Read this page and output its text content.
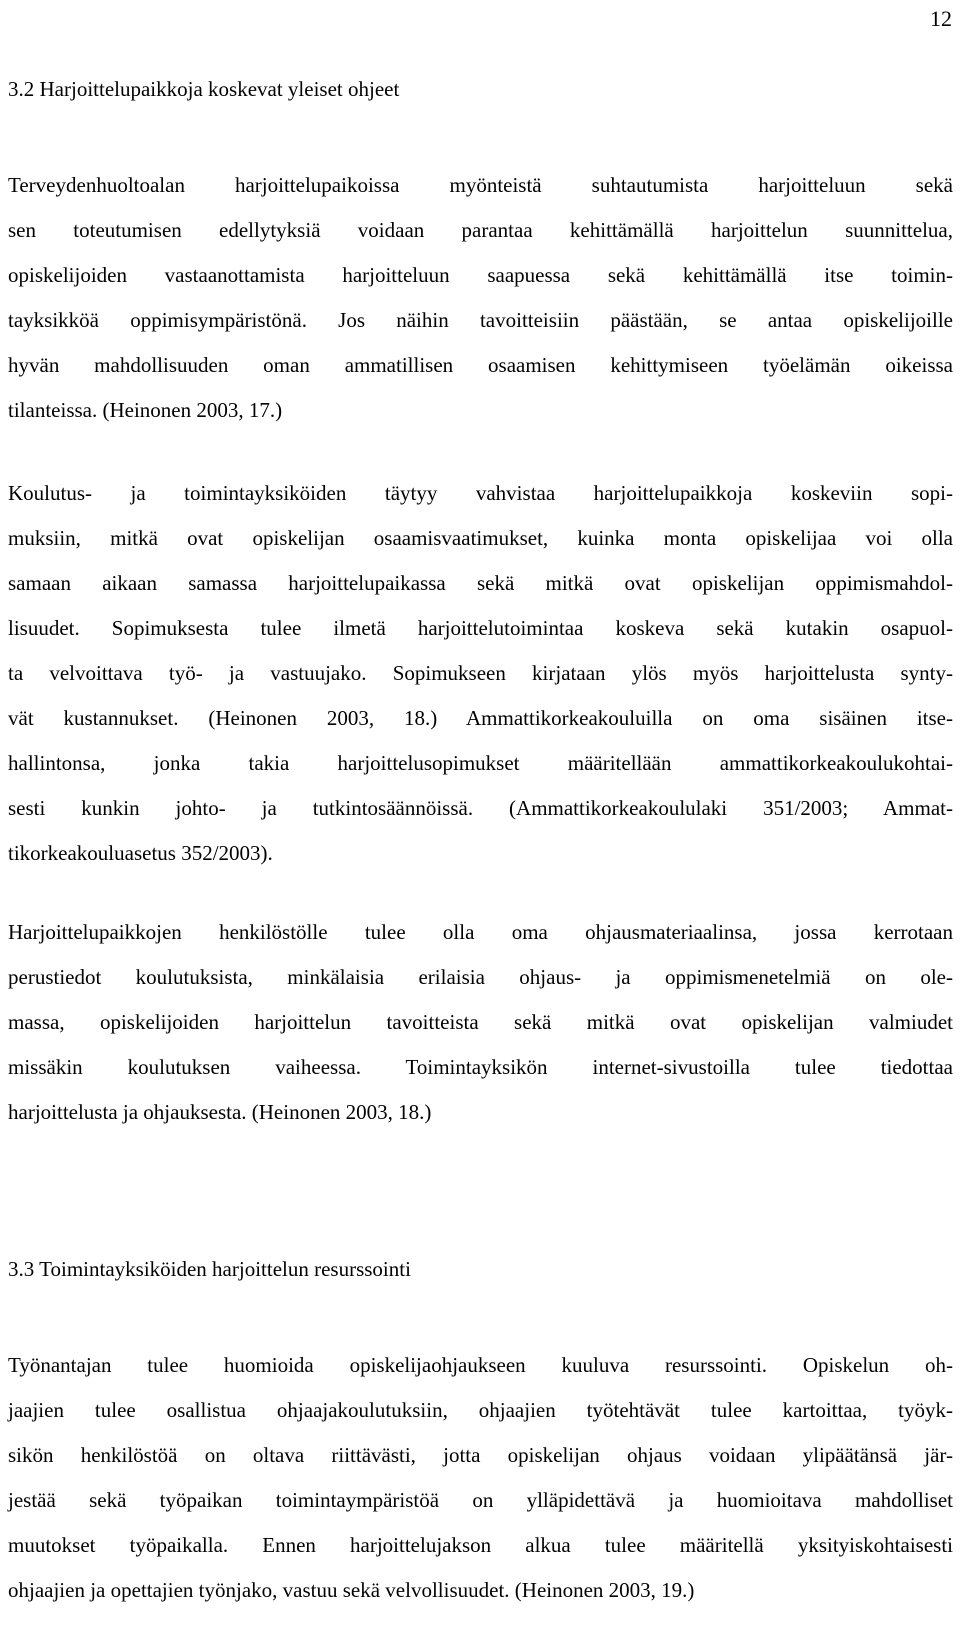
12
3.2 Harjoittelupaikkoja koskevat yleiset ohjeet
Terveydenhuoltoalan harjoittelupaikoissa myönteistä suhtautumista harjoitteluun sekä
sen toteutumisen edellytyksiä voidaan parantaa kehittämällä harjoittelun suunnittelua,
opiskelijoiden vastaanottamista harjoitteluun saapuessa sekä kehittämällä itse toimin-
tayksikköä oppimisympäristönä. Jos näihin tavoitteisiin päästään, se antaa opiskelijoille
hyvän mahdollisuuden oman ammatillisen osaamisen kehittymiseen työelämän oikeissa
tilanteissa. (Heinonen 2003, 17.)
Koulutus- ja toimintayksiköiden täytyy vahvistaa harjoittelupaikkoja koskeviin sopi-
muksiin, mitkä ovat opiskelijan osaamisvaatimukset, kuinka monta opiskelijaa voi olla
samaan aikaan samassa harjoittelupaikassa sekä mitkä ovat opiskelijan oppimismahdol-
lisuudet. Sopimuksesta tulee ilmetä harjoittelutoimintaa koskeva sekä kutakin osapuol-
ta velvoittava työ- ja vastuujako. Sopimukseen kirjataan ylös myös harjoittelusta synty-
vät kustannukset. (Heinonen 2003, 18.) Ammattikorkeakouluilla on oma sisäinen itse-
hallintonsa, jonka takia harjoittelusopimukset määritellään ammattikorkeakoulukohtai-
sesti kunkin johto- ja tutkintosäännöissä. (Ammattikorkeakoululaki 351/2003; Ammat-
tikorkeakouluasetus 352/2003).
Harjoittelupaikkojen henkilöstölle tulee olla oma ohjausmateriaalinsa, jossa kerrotaan
perustiedot koulutuksista, minkälaisia erilaisia ohjaus- ja oppimismenetelmiä on ole-
massa, opiskelijoiden harjoittelun tavoitteista sekä mitkä ovat opiskelijan valmiudet
missäkin koulutuksen vaiheessa. Toimintayksikön internet-sivustoilla tulee tiedottaa
harjoittelusta ja ohjauksesta. (Heinonen 2003, 18.)
3.3 Toimintayksiköiden harjoittelun resurssointi
Työnantajan tulee huomioida opiskelijaohjaukseen kuuluva resurssointi. Opiskelun oh-
jaajien tulee osallistua ohjaajakoulutuksiin, ohjaajien työtehtävät tulee kartoittaa, työyk-
sikön henkilöstöä on oltava riittävästi, jotta opiskelijan ohjaus voidaan ylipäätänsä jär-
jestää sekä työpaikan toimintaympäristöä on ylläpidettävä ja huomioitava mahdolliset
muutokset työpaikalla. Ennen harjoittelujakson alkua tulee määritellä yksityiskohtaisesti
ohjaajien ja opettajien työnjako, vastuu sekä velvollisuudet. (Heinonen 2003, 19.)
